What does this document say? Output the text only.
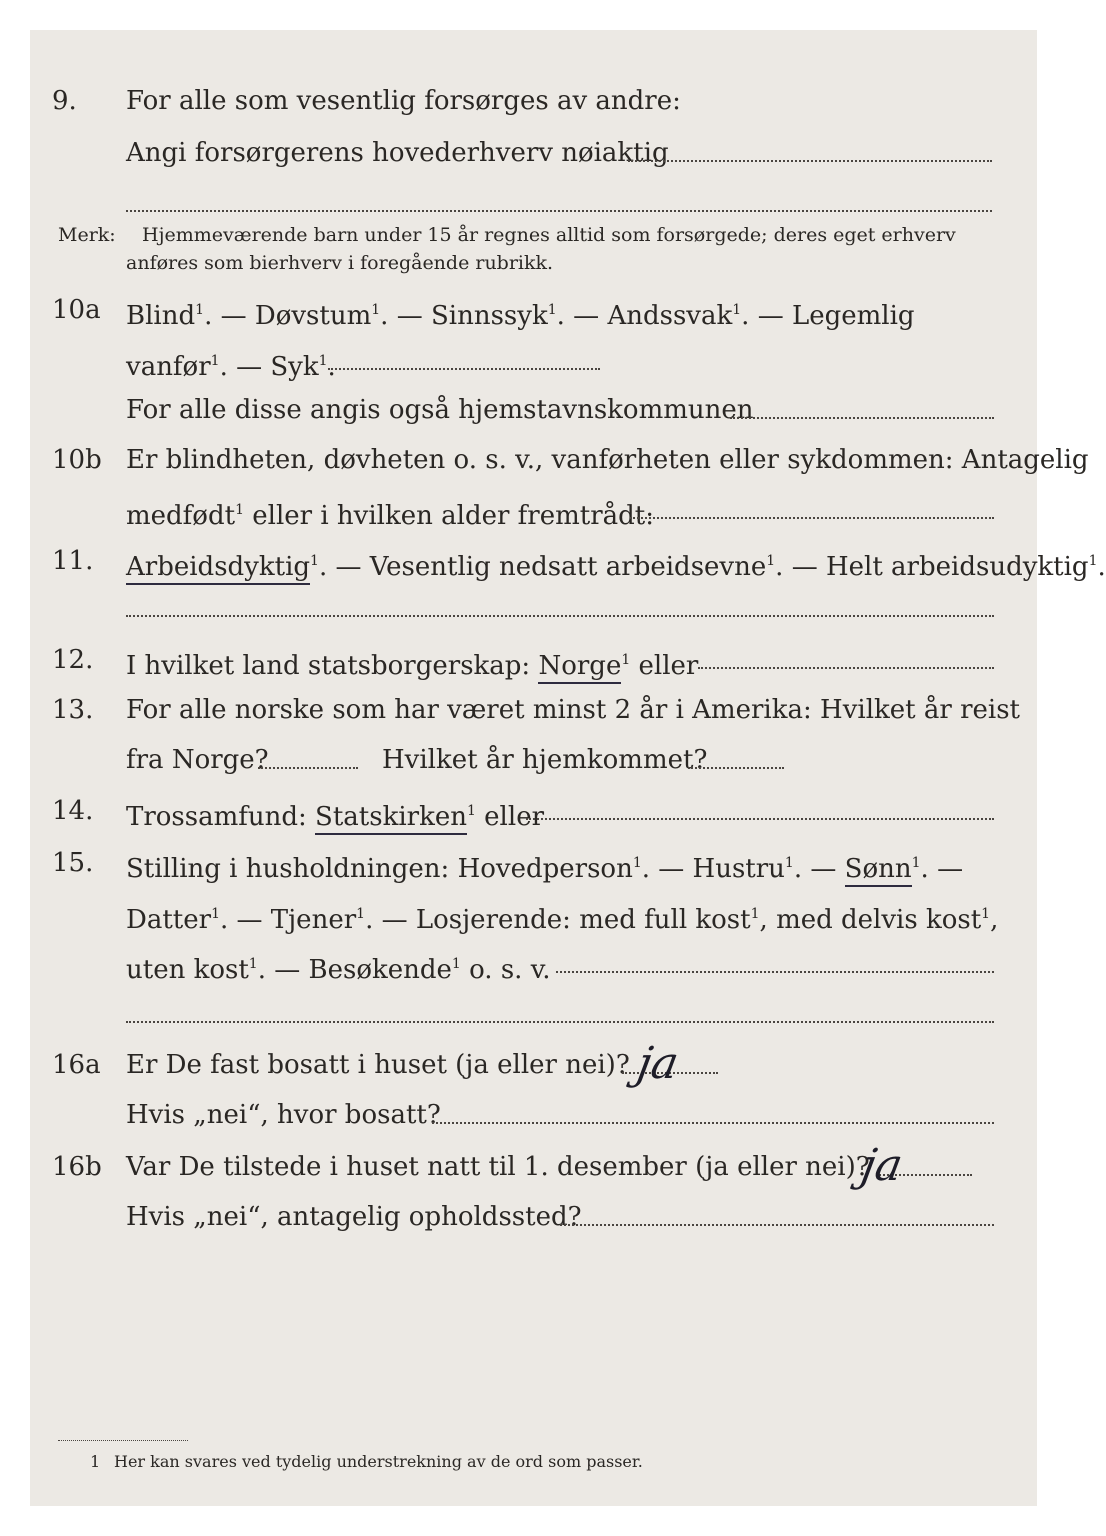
9. For alle som vesentlig forsørges av andre:
Angi forsørgerens hovederhverv nøiaktig
Merk: Hjemmeværende barn under 15 år regnes alltid som forsørgede; deres eget erhverv
anføres som bierhverv i foregående rubrikk.
10a Blind$^1$. — Døvstum$^1$. — Sinnssyk$^1$. — Andssvak$^1$. — Legemlig
vanfør$^1$. — Syk$^1$.
For alle disse angis også hjemstavnskommunen
10b Er blindheten, døvheten o. s. v., vanførheten eller sykdommen: Antagelig
medfødt$^1$ eller i hvilken alder fremtrådt:
11. Arbeidsdyktig$^1$. — Vesentlig nedsatt arbeidsevne$^1$. — Helt arbeidsudyktig$^1$.
12. I hvilket land statsborgerskap: Norge$^1$ eller
13. For alle norske som har været minst 2 år i Amerika: Hvilket år reist
fra Norge?	Hvilket år hjemkommet?
14. Trossamfund: Statskirken$^1$ eller
15. Stilling i husholdningen: Hovedperson$^1$. — Hustru$^1$. — Sønn$^1$. —
Datter$^1$. — Tjener$^1$. — Losjerende: med full kost$^1$, med delvis kost$^1$,
uten kost$^1$. — Besøkende$^1$ o. s. v.
16a Er De fast bosatt i huset (ja eller nei)? ja
Hvis „nei“, hvor bosatt?
16b Var De tilstede i huset natt til 1. desember (ja eller nei)?
ja
Hvis „nei“, antagelig opholdssted?
1 Her kan svares ved tydelig understrekning av de ord som passer.
